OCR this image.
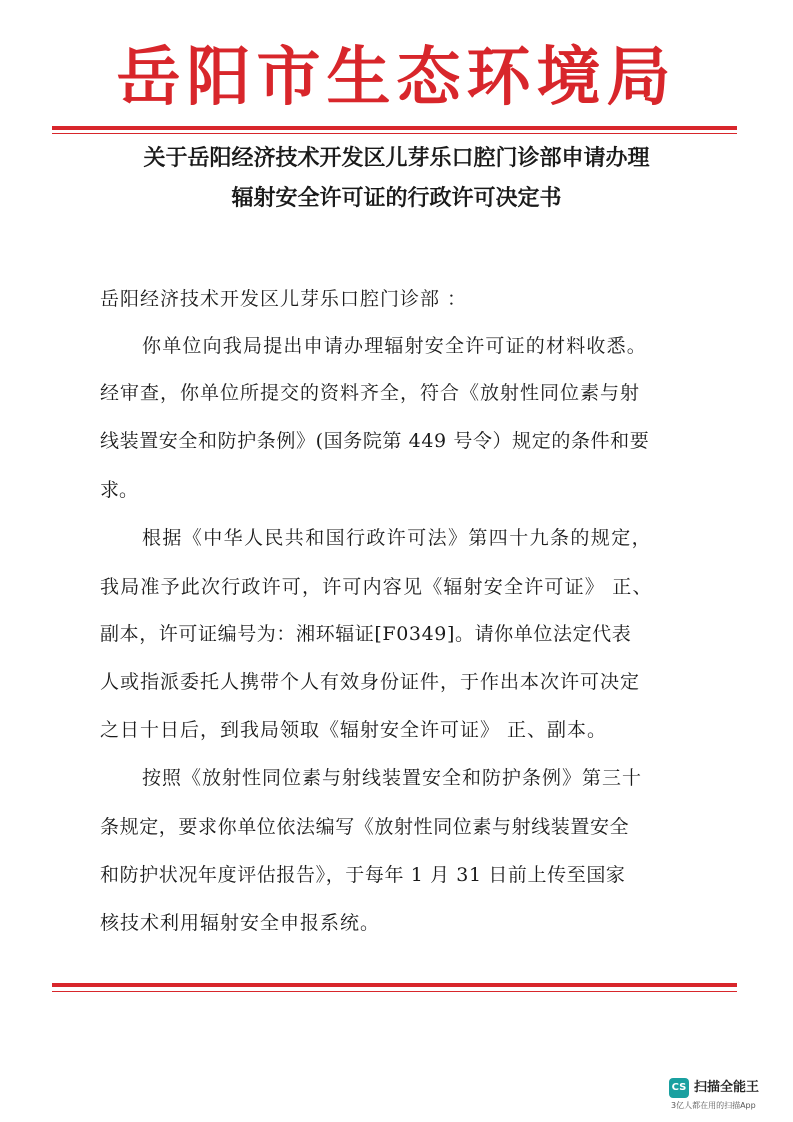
岳阳市生态环境局
关于岳阳经济技术开发区儿芽乐口腔门诊部申请办理
辐射安全许可证的行政许可决定书
岳阳经济技术开发区儿芽乐口腔门诊部 ：
你单位向我局提出申请办理辐射安全许可证的材料收悉。
经审查，你单位所提交的资料齐全，符合《放射性同位素与射
线装置安全和防护条例》(国务院第 449 号令）规定的条件和要
求。
根据《中华人民共和国行政许可法》第四十九条的规定，
我局准予此次行政许可，许可内容见《辐射安全许可证》 正、
副本，许可证编号为：湘环辐证[F0349]。请你单位法定代表
人或指派委托人携带个人有效身份证件，于作出本次许可决定
之日十日后，到我局领取《辐射安全许可证》 正、副本。
按照《放射性同位素与射线装置安全和防护条例》第三十
条规定，要求你单位依法编写《放射性同位素与射线装置安全
和防护状况年度评估报告》，于每年 1 月 31 日前上传至国家
核技术利用辐射安全申报系统。
CS 扫描全能王
3亿人都在用的扫描App
